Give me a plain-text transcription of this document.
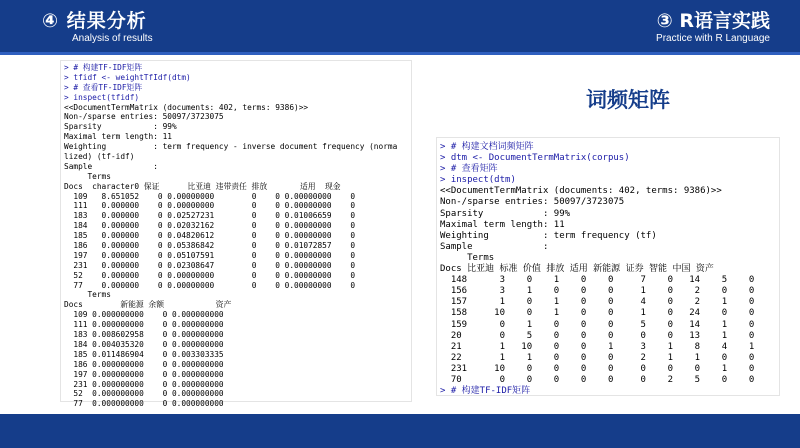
④ 结果分析
Analysis of results
③ R语言实践
Practice with R Language
词频矩阵
> # 构建TF-IDF矩阵
> tfidf <- weightTfIdf(dtm)
> # 查看TF-IDF矩阵
> inspect(tfidf)
<<DocumentTermMatrix (documents: 402, terms: 9386)>>
Non-/sparse entries: 50097/3723075
Sparsity           : 99%
Maximal term length: 11
Weighting          : term frequency - inverse document frequency (norma
lized) (tf-idf)
Sample             :
Terms
Docs  character0 保证      比亚迪 违带责任 排放       适用  现金
109   8.651052    0 0.00000000        0    0 0.00000000    0
111   0.000000    0 0.00000000        0    0 0.00000000    0
183   0.000000    0 0.02527231        0    0 0.01006659    0
184   0.000000    0 0.02032162        0    0 0.00000000    0
185   0.000000    0 0.04820612        0    0 0.00000000    0
186   0.000000    0 0.05386842        0    0 0.01072857    0
197   0.000000    0 0.05107591        0    0 0.00000000    0
231   0.000000    0 0.02308647        0    0 0.00000000    0
52    0.000000    0 0.00000000        0    0 0.00000000    0
77    0.000000    0 0.00000000        0    0 0.00000000    0
Terms
Docs        新能源 余额           资产
109 0.000000000    0 0.000000000
111 0.000000000    0 0.000000000
183 0.008602958    0 0.000000000
184 0.004035320    0 0.000000000
185 0.011486904    0 0.003303335
186 0.000000000    0 0.000000000
197 0.000000000    0 0.000000000
231 0.000000000    0 0.000000000
52  0.000000000    0 0.000000000
77  0.000000000    0 0.000000000
> # 构建文档词频矩阵
> dtm <- DocumentTermMatrix(corpus)
> # 查看矩阵
> inspect(dtm)
<<DocumentTermMatrix (documents: 402, terms: 9386)>>
Non-/sparse entries: 50097/3723075
Sparsity           : 99%
Maximal term length: 11
Weighting          : term frequency (tf)
Sample             :
Terms
Docs 比亚迪 标准 价值 排放 适用 新能源 证券 智能 中国 资产
148      3    0    1    0    0     7    0   14    5    0
156      3    1    0    0    0     1    0    2    0    0
157      1    0    1    0    0     4    0    2    1    0
158     10    0    1    0    0     1    0   24    0    0
159      0    1    0    0    0     5    0   14    1    0
20       0    5    0    0    0     0    0   13    1    0
21       1   10    0    0    1     3    1    8    4    1
22       1    1    0    0    0     2    1    1    0    0
231     10    0    0    0    0     0    0    0    1    0
70       0    0    0    0    0     0    2    5    0    0
> # 构建TF-IDF矩阵
